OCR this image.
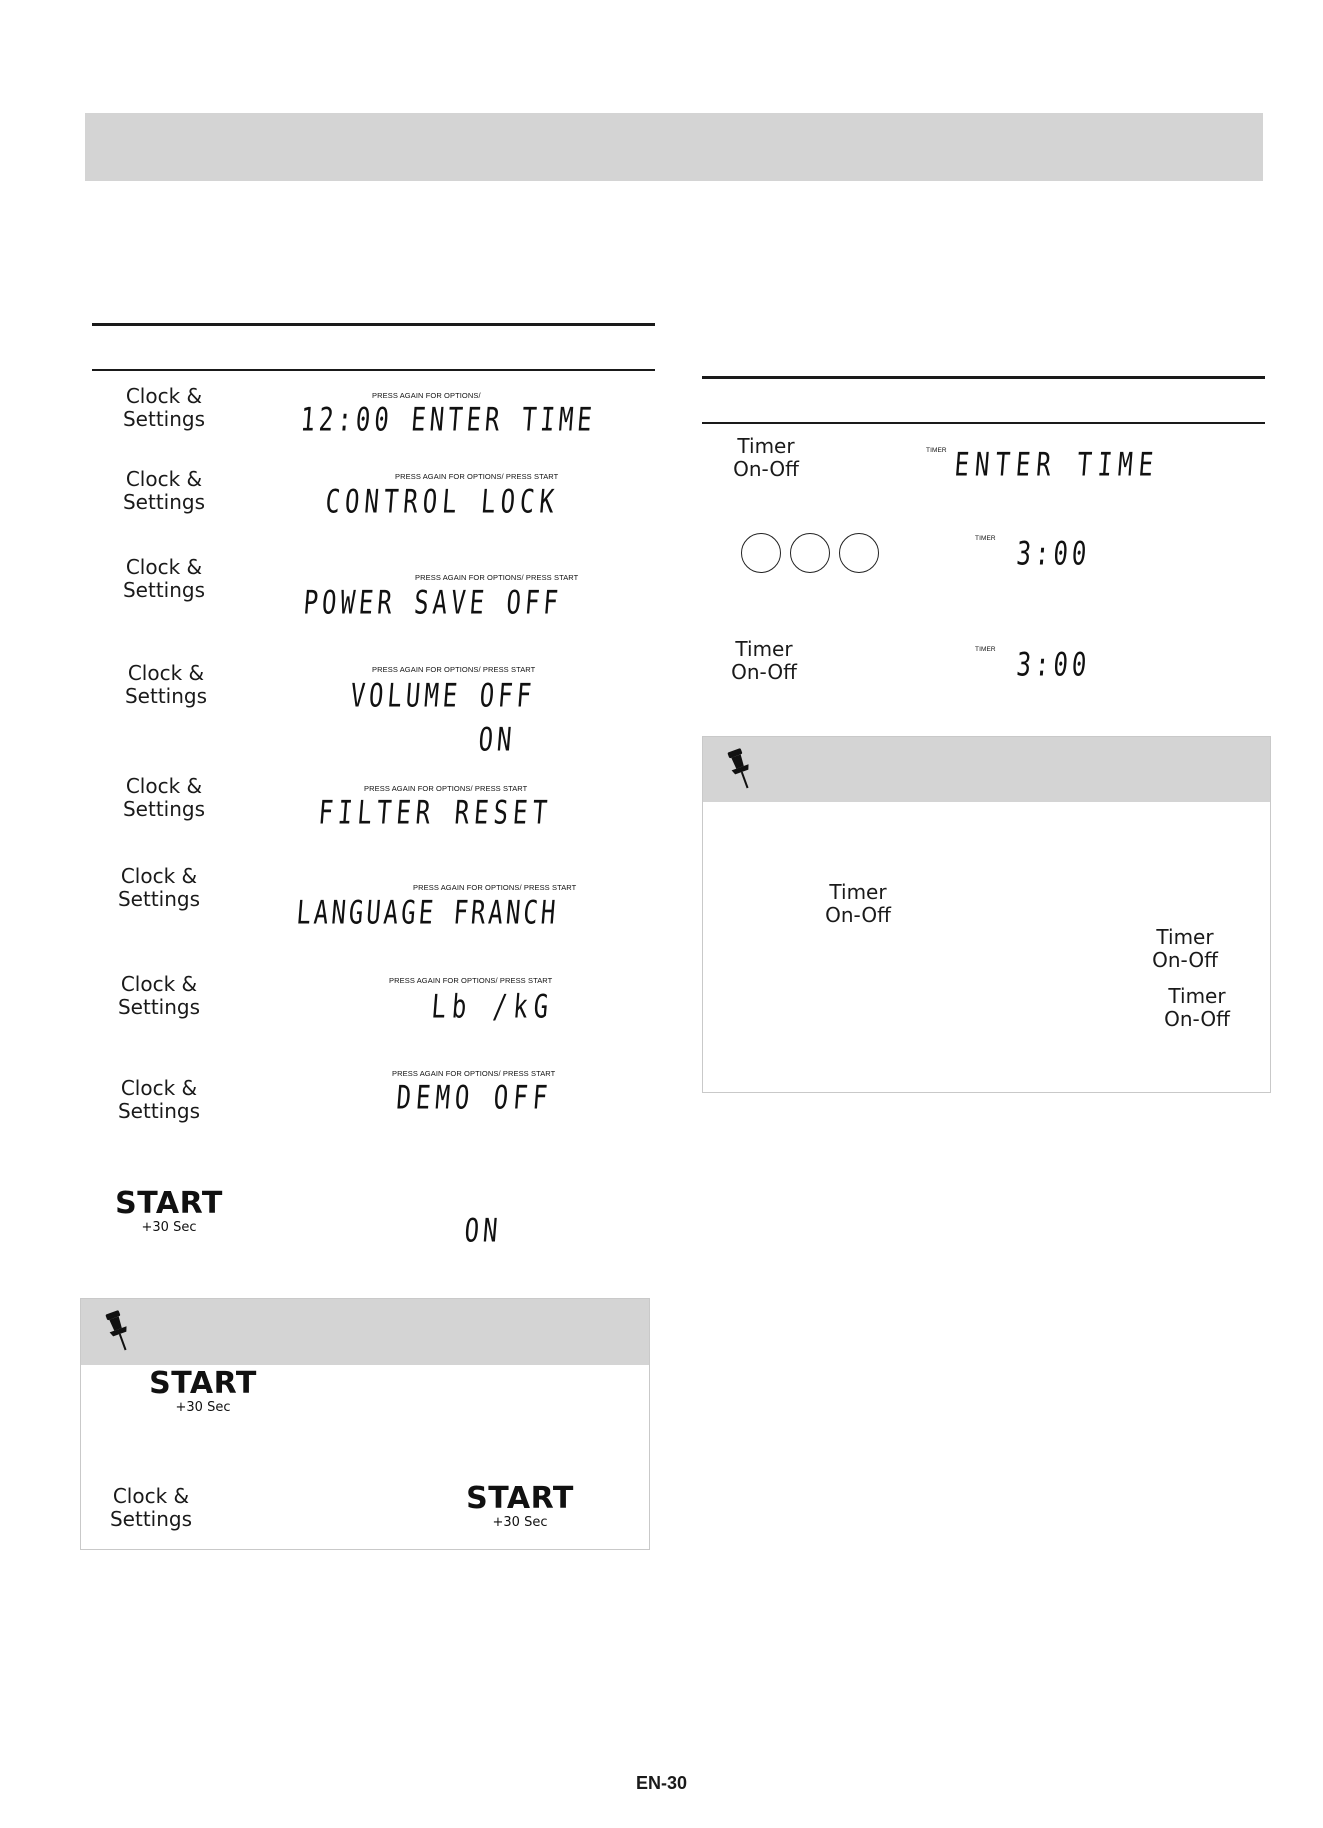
Clock &
Settings
PRESS AGAIN FOR OPTIONS/
12:00 ENTER TIME
Clock &
Settings
PRESS AGAIN FOR OPTIONS/ PRESS START
CONTROL LOCK
Clock &
Settings
PRESS AGAIN FOR OPTIONS/ PRESS START
POWER SAVE OFF
Clock &
Settings
PRESS AGAIN FOR OPTIONS/ PRESS START
VOLUME OFF
ON
Clock &
Settings
PRESS AGAIN FOR OPTIONS/ PRESS START
FILTER RESET
Clock &
Settings	PRESS AGAIN FOR OPTIONS/ PRESS START
LANGUAGE FRANCH
Clock &
Settings
PRESS AGAIN FOR OPTIONS/ PRESS START
Lb /kG
Clock &
Settings
PRESS AGAIN FOR OPTIONS/ PRESS START
DEMO OFF
START
+30 Sec	ON
START
+30 Sec
Clock &
Settings
START
+30 Sec
Timer
On-Off
TIMER ENTER TIME
TIMER 3:00
Timer
On-Off
TIMER 3:00
Timer
On-Off
Timer
On-Off
Timer
On-Off
EN-30
